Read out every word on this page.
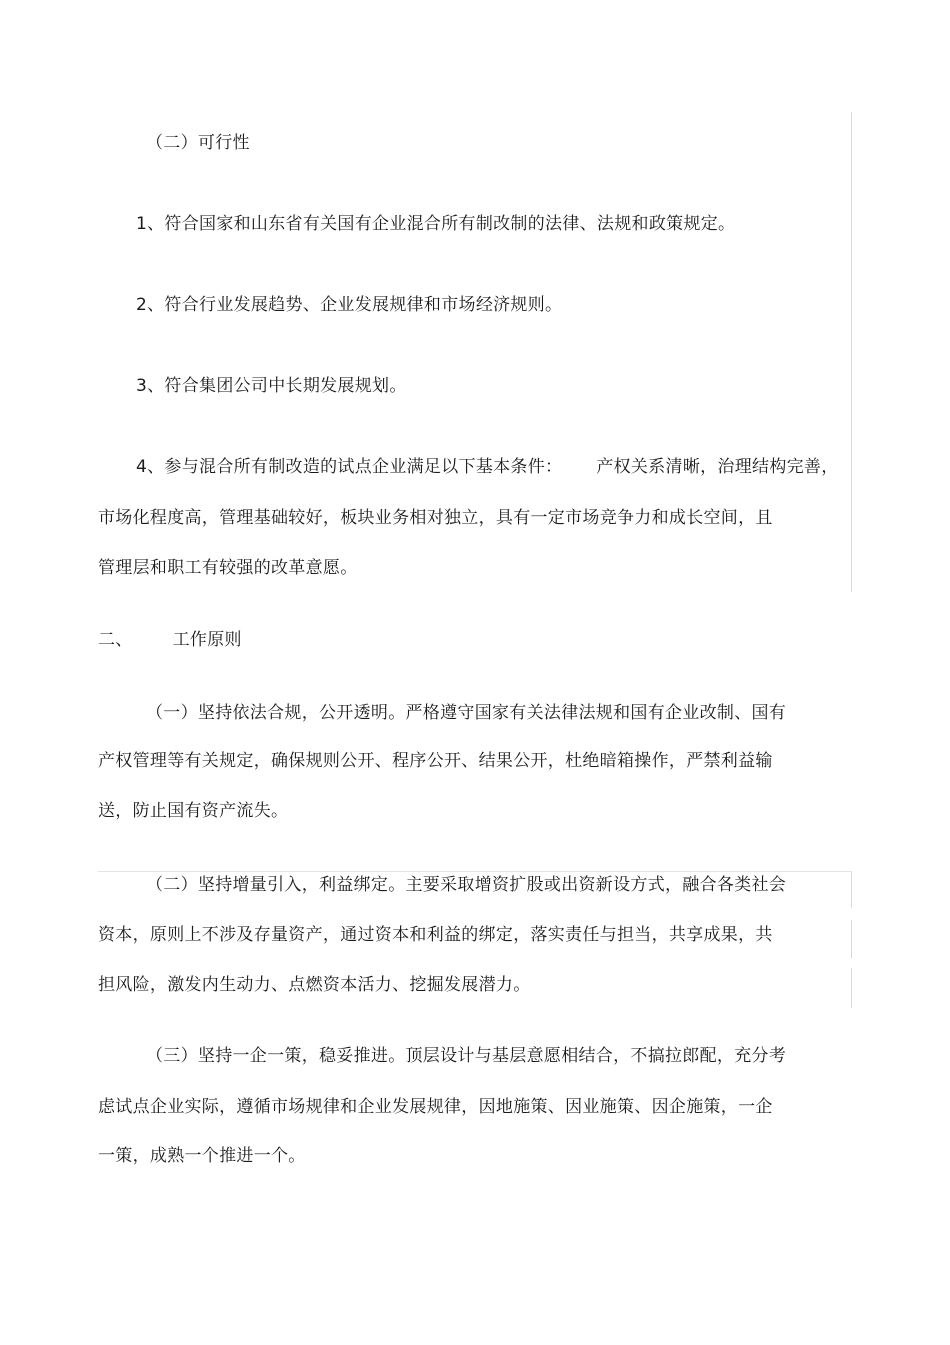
（二）可行性
1、符合国家和山东省有关国有企业混合所有制改制的法律、法规和政策规定。
2、符合行业发展趋势、企业发展规律和市场经济规则。
3、符合集团公司中长期发展规划。
4、参与混合所有制改造的试点企业满足以下基本条件： 产权关系清晰，治理结构完善，
市场化程度高，管理基础较好，板块业务相对独立，具有一定市场竞争力和成长空间，且
管理层和职工有较强的改革意愿。
二、 工作原则
（一）坚持依法合规，公开透明。严格遵守国家有关法律法规和国有企业改制、国有
产权管理等有关规定，确保规则公开、程序公开、结果公开，杜绝暗箱操作，严禁利益输
送，防止国有资产流失。
（二）坚持增量引入，利益绑定。主要采取增资扩股或出资新设方式，融合各类社会
资本，原则上不涉及存量资产，通过资本和利益的绑定，落实责任与担当，共享成果，共
担风险，激发内生动力、点燃资本活力、挖掘发展潜力。
（三）坚持一企一策，稳妥推进。顶层设计与基层意愿相结合，不搞拉郎配，充分考
虑试点企业实际，遵循市场规律和企业发展规律，因地施策、因业施策、因企施策，一企
一策，成熟一个推进一个。
